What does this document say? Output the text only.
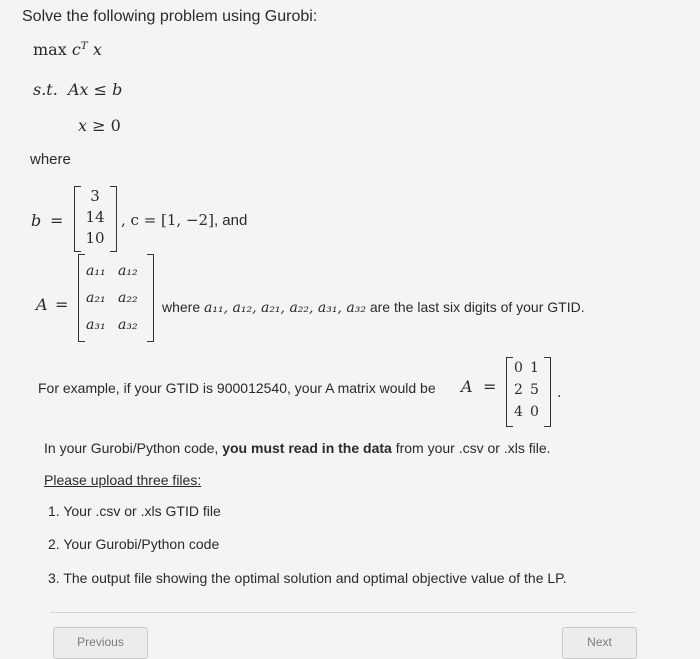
Solve the following problem using Gurobi:
$\max c^T$ x
s.t. Ax ≤ b
x ≥ 0
where
b =
3
14
10
, c = [1, −2], and
A =
a₁₁ a₁₂
a₂₁ a₂₂
a₃₁ a₃₂
where a₁₁, a₁₂, a₂₁, a₂₂, a₃₁, a₃₂ are the last six digits of your GTID.
For example, if your GTID is 900012540, your A matrix would be A =
0 1
2 5
4 0
.
In your Gurobi/Python code, you must read in the data from your .csv or .xls file.
Please upload three files:
1. Your .csv or .xls GTID file
2. Your Gurobi/Python code
3. The output file showing the optimal solution and optimal objective value of the LP.
Previous	Next
